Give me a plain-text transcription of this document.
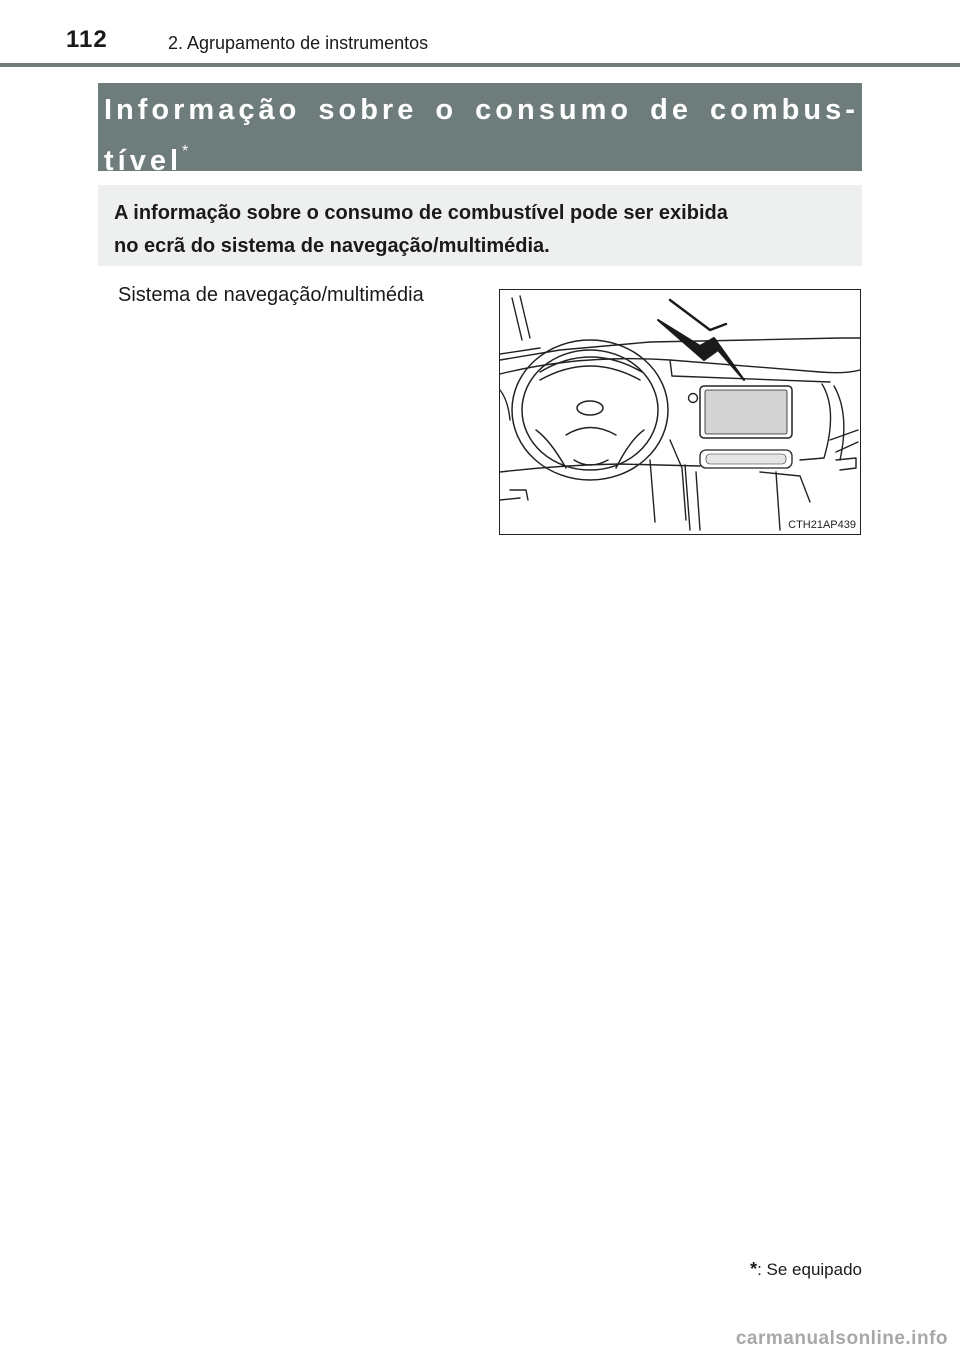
112	2. Agrupamento de instrumentos
Informação sobre o consumo de combus-
tível*

A informação sobre o consumo de combustível pode ser exibida
no ecrã do sistema de navegação/multimédia.

Sistema de navegação/multimédia
CTH21AP439
*: Se equipado
carmanualsonline.info
